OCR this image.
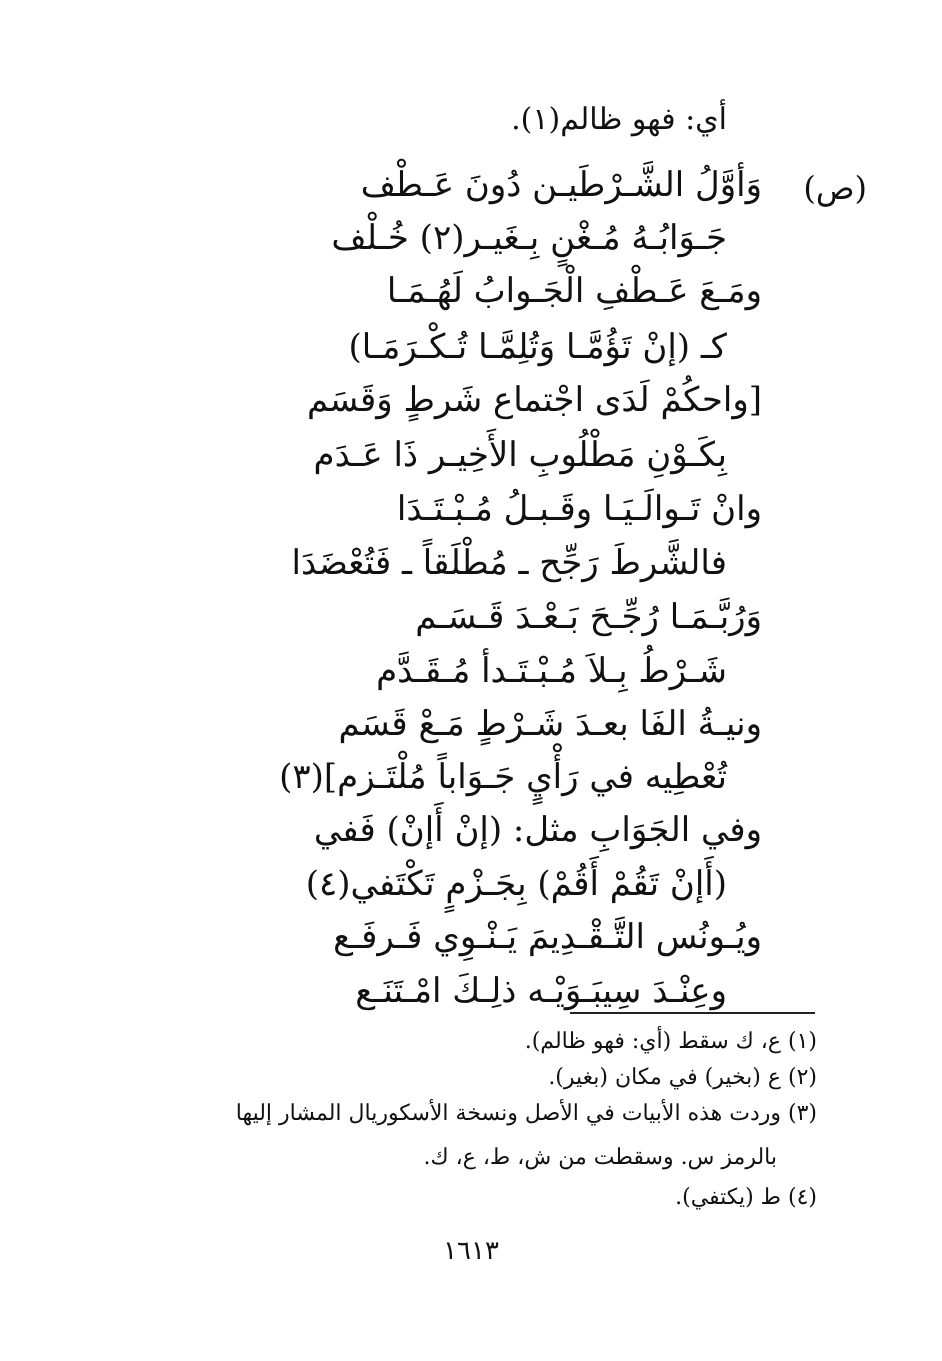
أي: فهو ظالم(١).
(ص)
وَأوَّلُ الشَّـرْطَيـن دُونَ عَـطْف
جَـوَابُـهُ مُـغْنٍ بِـغَيـر(٢) خُـلْف
ومَـعَ عَـطْفِ الْجَـوابُ لَهُـمَـا
كـ (إنْ تَؤُمَّـا وَتُلِمَّـا تُـكْـرَمَـا)
[واحكُمْ لَدَى اجْتماع شَرطٍ وَقَسَم
بِكَـوْنِ مَطْلُوبِ الأَخِيـر ذَا عَـدَم
وانْ تَـوالَـيَـا وقَـبـلُ مُـبْـتَـدَا
فالشَّرطَ رَجِّح ـ مُطْلَقاً ـ فَتُعْضَدَا
وَرُبَّـمَـا رُجِّـحَ بَـعْـدَ قَـسَـم
شَـرْطُ بِـلاَ مُـبْـتَـدأ مُـقَـدَّم
ونيـةُ الفَا بعـدَ شَـرْطٍ مَـعْ قَسَم
تُعْطِيه في رَأْيٍ جَـوَاباً مُلْتَـزم](٣)
وفي الجَوَابِ مثل: (إنْ أَإنْ) فَفي
(أَإنْ تَقُمْ أَقُمْ) بِجَـزْمٍ تَكْتَفي(٤)
ويُـونُس التَّـقْـدِيمَ يَـنْـوِي فَـرفَـع
وعِنْـدَ سِيبَـوَيْـه ذلِـكَ امْـتَنَـع
(١) ع، ك سقط (أي: فهو ظالم).
(٢) ع (بخير) في مكان (بغير).
(٣) وردت هذه الأبيات في الأصل ونسخة الأسكوريال المشار إليها
بالرمز س. وسقطت من ش، ط، ع، ك.
(٤) ط (يكتفي).
١٦١٣
